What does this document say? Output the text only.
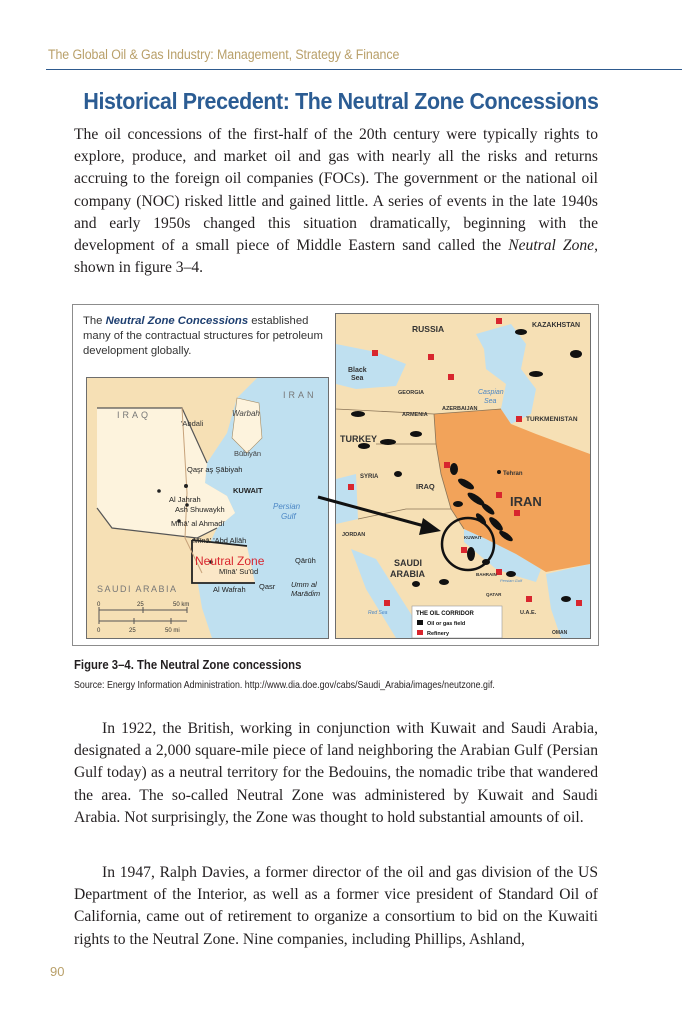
The Global Oil & Gas Industry: Management, Strategy & Finance
Historical Precedent: The Neutral Zone Concessions

The oil concessions of the first-half of the 20th century were typically rights to explore, produce, and market oil and gas with nearly all the risks and returns accruing to the foreign oil companies (FOCs). The government or the national oil company (NOC) risked little and gained little. A series of events in the late 1940s and early 1950s changed this situation dramatically, beginning with the development of a small piece of Middle Eastern sand called the Neutral Zone, shown in figure 3–4.

The Neutral Zone Concessions established many of the contractual structures for petroleum development globally.
IRAQ
IRAN
'Abdali
Warbah
Būbiyān
Qaşr aş Şābiyah
KUWAIT
Al Jahrah
Ash Shuwaykh
Mīnā' al Ahmadī
Persian
Gulf
Mīnā' 'Abd Allāh
Neutral Zone
Mīnā' Su'ūd
Qārūh
SAUDI ARABIA	Al Wafrah Qasr Umm al
Marādim
0	25	50 km
0	25	50 mi
RUSSIA	KAZAKHSTAN
Black
Sea
Caspian
Sea
GEORGIA
ARMENIA
AZERBAIJAN
TURKMENISTAN
TURKEY
SYRIA
IRAQ
IRAN
Tehran
JORDAN	KUWAIT
SAUDI
ARABIA	BAHRAIN
QATAR
U.A.E.
OMAN
Red Sea
Persian Gulf
THE OIL CORRIDOR
Oil or gas field
Refinery
Figure 3–4. The Neutral Zone concessions
Source: Energy Information Administration. http://www.dia.doe.gov/cabs/Saudi_Arabia/images/neutzone.gif.

In 1922, the British, working in conjunction with Kuwait and Saudi Arabia, designated a 2,000 square-mile piece of land neighboring the Arabian Gulf (Persian Gulf today) as a neutral territory for the Bedouins, the nomadic tribe that wandered the area. The so-called Neutral Zone was administered by Kuwait and Saudi Arabia. Not surprisingly, the Zone was thought to hold substantial amounts of oil.

In 1947, Ralph Davies, a former director of the oil and gas division of the US Department of the Interior, as well as a former vice president of Standard Oil of California, came out of retirement to organize a consortium to bid on the Kuwaiti rights to the Neutral Zone. Nine companies, including Phillips, Ashland,

90
